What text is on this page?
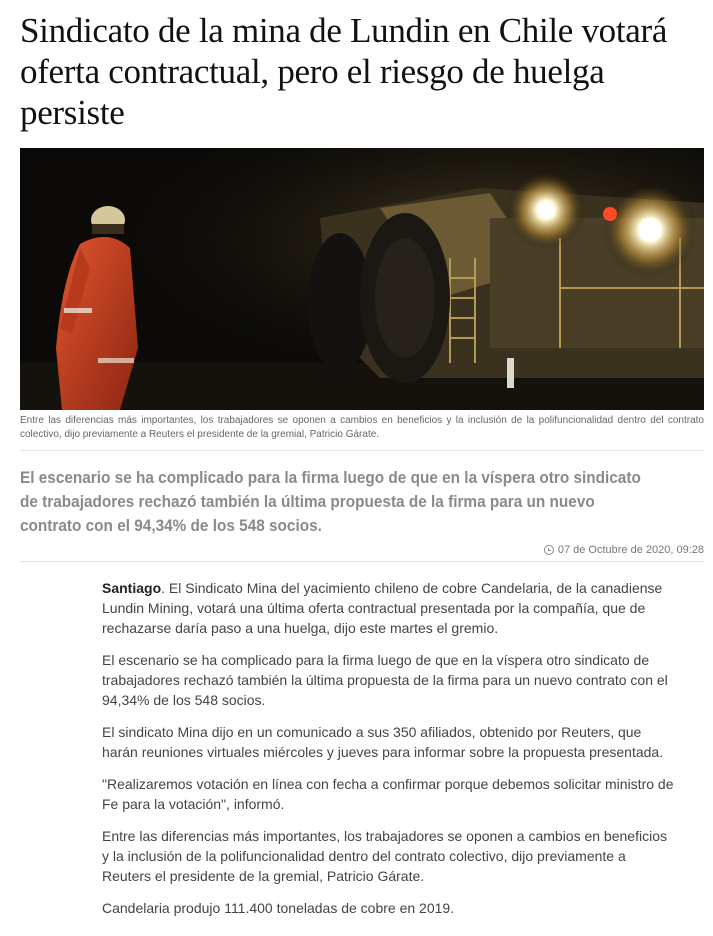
Sindicato de la mina de Lundin en Chile votará oferta contractual, pero el riesgo de huelga persiste
Entre las diferencias más importantes, los trabajadores se oponen a cambios en beneficios y la inclusión de la polifuncionalidad dentro del contrato colectivo, dijo previamente a Reuters el presidente de la gremial, Patricio Gárate.

El escenario se ha complicado para la firma luego de que en la víspera otro sindicato de trabajadores rechazó también la última propuesta de la firma para un nuevo contrato con el 94,34% de los 548 socios.

07 de Octubre de 2020, 09:28

Santiago. El Sindicato Mina del yacimiento chileno de cobre Candelaria, de la canadiense Lundin Mining, votará una última oferta contractual presentada por la compañía, que de rechazarse daría paso a una huelga, dijo este martes el gremio.

El escenario se ha complicado para la firma luego de que en la víspera otro sindicato de trabajadores rechazó también la última propuesta de la firma para un nuevo contrato con el 94,34% de los 548 socios.

El sindicato Mina dijo en un comunicado a sus 350 afiliados, obtenido por Reuters, que harán reuniones virtuales miércoles y jueves para informar sobre la propuesta presentada.

"Realizaremos votación en línea con fecha a confirmar porque debemos solicitar ministro de Fe para la votación", informó.

Entre las diferencias más importantes, los trabajadores se oponen a cambios en beneficios y la inclusión de la polifuncionalidad dentro del contrato colectivo, dijo previamente a Reuters el presidente de la gremial, Patricio Gárate.

Candelaria produjo 111.400 toneladas de cobre en 2019.
